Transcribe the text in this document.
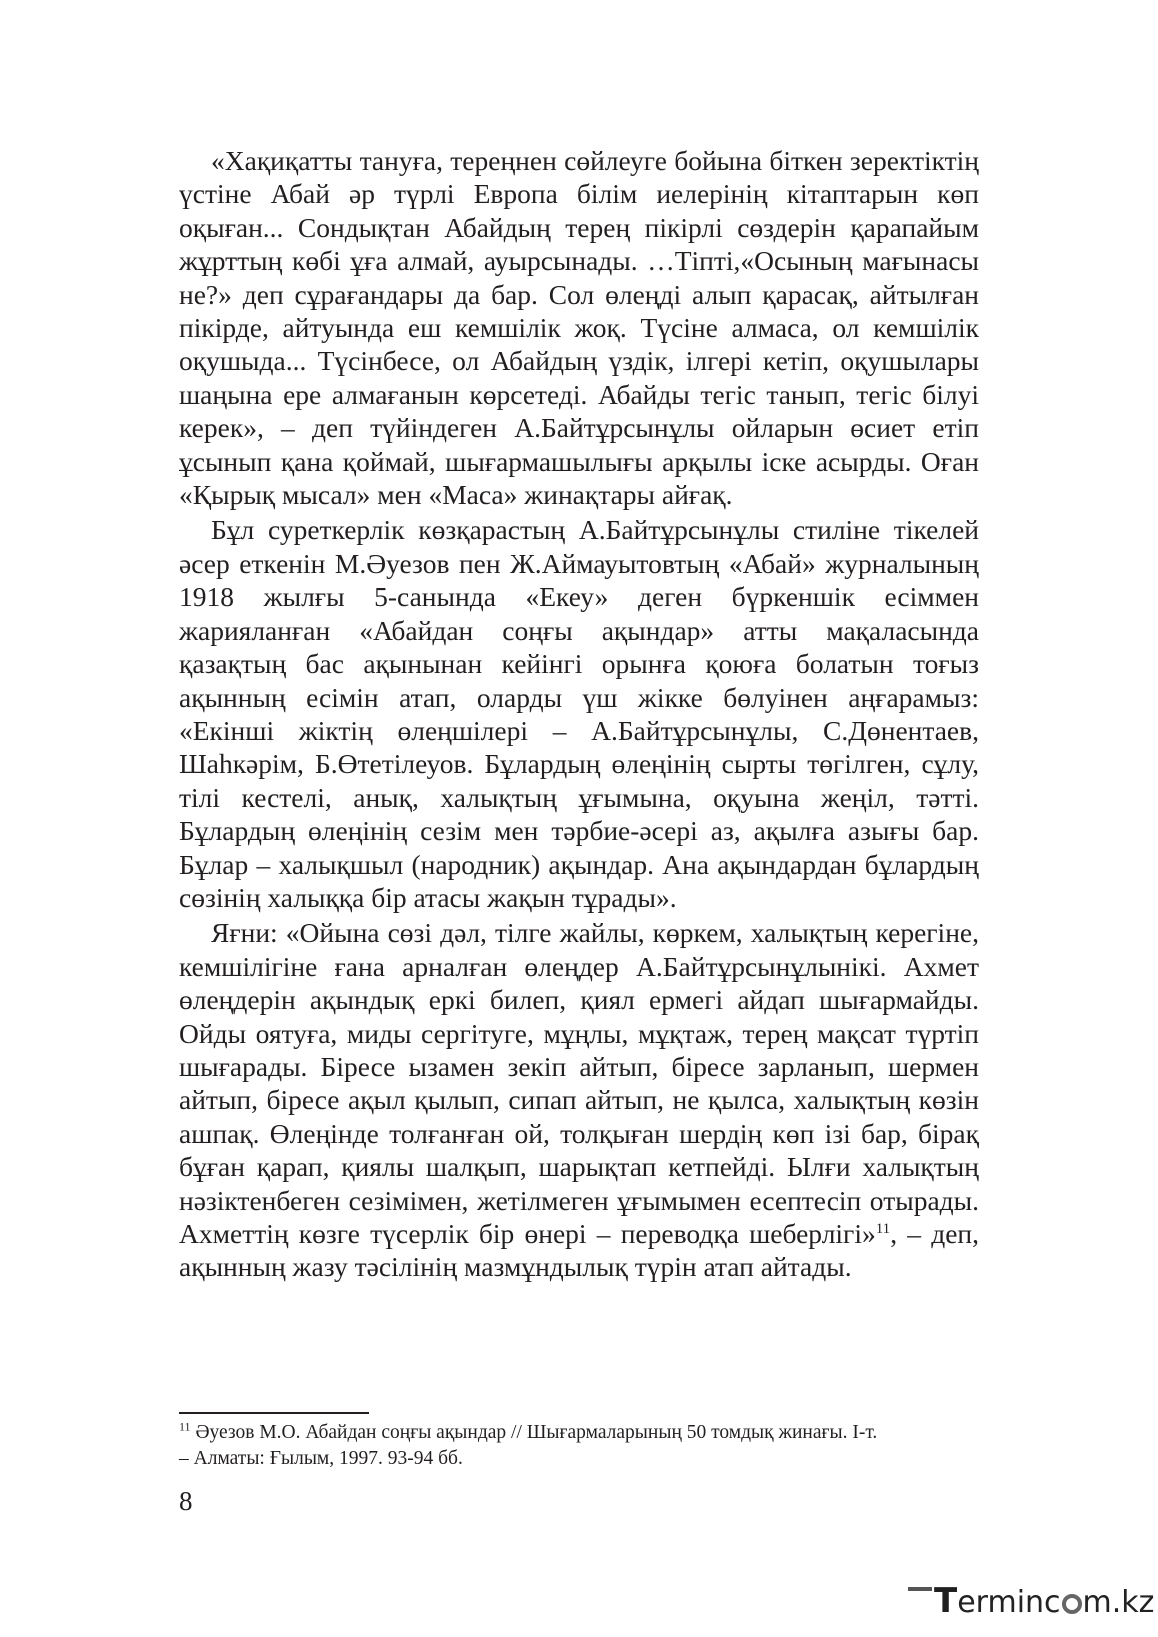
«Хақиқатты тануға, тереңнен сөйлеуге бойына біткен зеректіктің үстіне Абай әр түрлі Европа білім иелерінің кітаптарын көп оқыған... Сондықтан Абайдың терең пікірлі сөздерін қарапайым жұрттың көбі ұға алмай, ауырсынады. …Тіпті,«Осының мағынасы не?» деп сұрағандары да бар. Сол өлеңді алып қарасақ, айтылған пікірде, айтуында еш кемшілік жоқ. Түсіне алмаса, ол кемшілік оқушыда... Түсінбесе, ол Абайдың үздік, ілгері кетіп, оқушылары шаңына ере алмағанын көрсетеді. Абайды тегіс танып, тегіс білуі керек», – деп түйіндеген А.Байтұрсынұлы ойларын өсиет етіп ұсынып қана қоймай, шығармашылығы арқылы іске асырды. Оған «Қырық мысал» мен «Маса» жинақтары айғақ.

Бұл суреткерлік көзқарастың А.Байтұрсынұлы стиліне тікелей әсер еткенін М.Әуезов пен Ж.Аймауытовтың «Абай» журналының 1918 жылғы 5-санында «Екеу» деген бүркеншік есіммен жарияланған «Абайдан соңғы ақындар» атты мақаласында қазақтың бас ақынынан кейінгі орынға қоюға болатын тоғыз ақынның есімін атап, оларды үш жікке бөлуінен аңғарамыз: «Екінші жіктің өлеңшілері – А.Байтұрсынұлы, С.Дөнентаев, Шаһкәрім, Б.Өтетілеуов. Бұлардың өлеңінің сырты төгілген, сұлу, тілі кестелі, анық, халықтың ұғымына, оқуына жеңіл, тәтті. Бұлардың өлеңінің сезім мен тәрбие-әсері аз, ақылға азығы бар. Бұлар – халықшыл (народник) ақындар. Ана ақындардан бұлардың сөзінің халыққа бір атасы жақын тұрады».

Яғни: «Ойына сөзі дәл, тілге жайлы, көркем, халықтың керегіне, кемшілігіне ғана арналған өлеңдер А.Байтұрсынұлынікі. Ахмет өлеңдерін ақындық еркі билеп, қиял ермегі айдап шығармайды. Ойды оятуға, миды сергітуге, мұңлы, мұқтаж, терең мақсат түртіп шығарады. Біресе ызамен зекіп айтып, біресе зарланып, шермен айтып, біресе ақыл қылып, сипап айтып, не қылса, халықтың көзін ашпақ. Өлеңінде толғанған ой, толқыған шердің көп ізі бар, бірақ бұған қарап, қиялы шалқып, шарықтап кетпейді. Ылғи халықтың нәзіктенбеген сезімімен, жетілмеген ұғымымен есептесіп отырады. Ахметтің көзге түсерлік бір өнері – переводқа шеберлігі»$^{11}$, – деп, ақынның жазу тәсілінің мазмұндылық түрін атап айтады.

$^{11}$ Әуезов М.О. Абайдан соңғы ақындар // Шығармаларының 50 томдық жинағы. І-т.

– Алматы: Ғылым, 1997. 93-94 бб.

8
Terminc m.kz
